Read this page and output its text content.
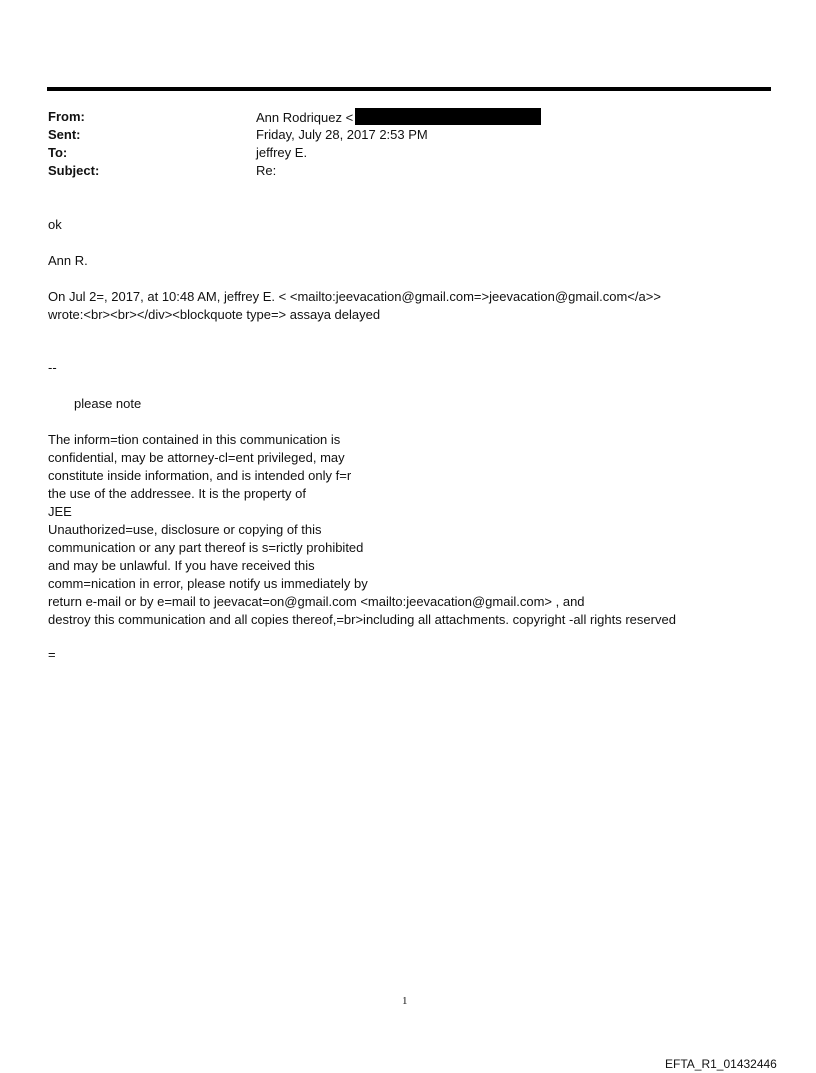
From:	Ann Rodriquez <
Sent:	Friday, July 28, 2017 2:53 PM
To:	jeffrey E.
Subject:	Re:
ok
Ann R.
On Jul 2=, 2017, at 10:48 AM, jeffrey E. < <mailto:jeevacation@gmail.com=>jeevacation@gmail.com</a>>
wrote:<br><br></div><blockquote type=> assaya delayed
--
please note
The inform=tion contained in this communication is
confidential, may be attorney-cl=ent privileged, may
constitute inside information, and is intended only f=r
the use of the addressee. It is the property of
JEE
Unauthorized=use, disclosure or copying of this
communication or any part thereof is s=rictly prohibited
and may be unlawful. If you have received this
comm=nication in error, please notify us immediately by
return e-mail or by e=mail to jeevacat=on@gmail.com <mailto:jeevacation@gmail.com> , and
destroy this communication and all copies thereof,=br>including all attachments. copyright -all rights reserved
=
1
EFTA_R1_01432446
